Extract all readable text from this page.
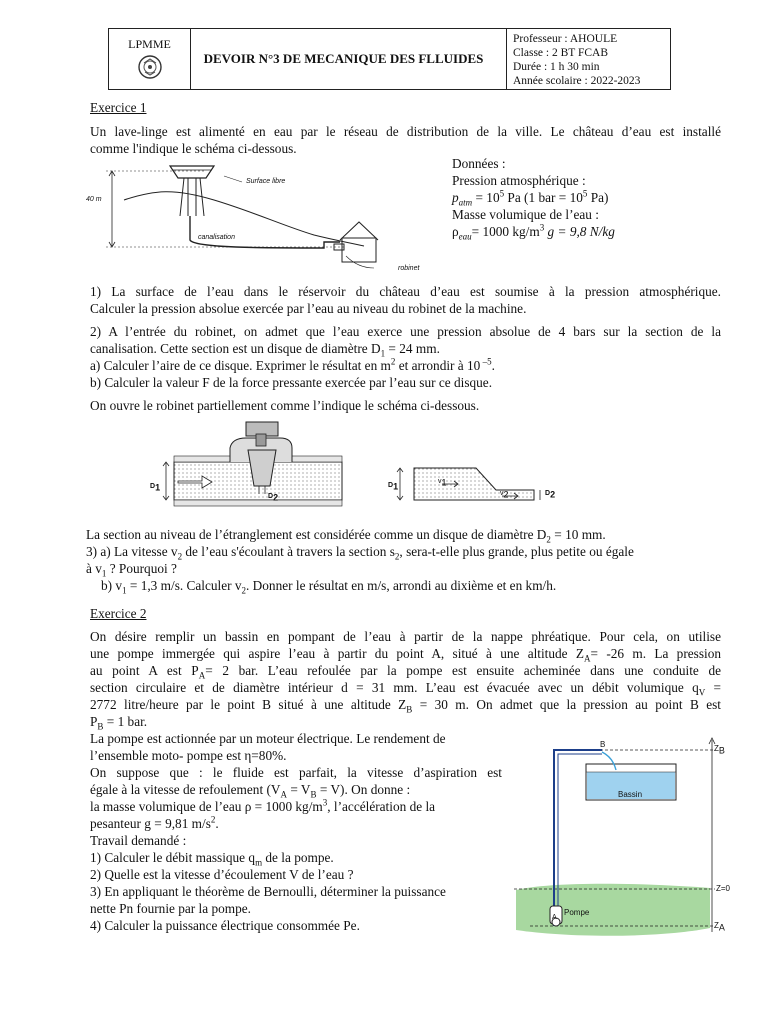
LPMME
DEVOIR N°3 DE MECANIQUE DES FLLUIDES
Professeur : AHOULE
Classe : 2 BT FCAB
Durée : 1 h 30 min
Année scolaire : 2022-2023
Exercice 1
Un lave-linge est alimenté en eau par le réseau de distribution de la ville. Le château d’eau est installé
comme l'indique le schéma ci-dessous.
40 m
Surface libre
canalisation
robinet
Données :
Pression atmosphérique :
$p_{atm} = 10^5$ Pa (1 bar = $10^5$ Pa)
Masse volumique de l’eau :
$\rho_{eau}= 1000$ $kg/m^3$ g = 9,8 N/kg
1) La surface de l’eau dans le réservoir du château d’eau est soumise à la pression atmosphérique.
Calculer la pression absolue exercée par l’eau au niveau du robinet de la machine.
2) A l’entrée du robinet, on admet que l’eau exerce une pression absolue de 4 bars sur la section de la
canalisation. Cette section est un disque de diamètre $D_1 = 24$ mm.
a) Calculer l’aire de ce disque. Exprimer le résultat en $m^2$ et arrondir à 10 $^{-5}$.
b) Calculer la valeur F de la force pressante exercée par l’eau sur ce disque.
On ouvre le robinet partiellement comme l’indique le schéma ci-dessous.
$D_1$
$D_2$
$D_1$	$v_1$
$v_2$	$D_2$
La section au niveau de l’étranglement est considérée comme un disque de diamètre $D_2 = 10$ mm.
3) a) La vitesse $v_2$ de l’eau s'écoulant à travers la section $s_2$, sera-t-elle plus grande, plus petite ou égale
à $v_1$ ? Pourquoi ?
b) $v_1 = 1,3$ m/s. Calculer $v_2$. Donner le résultat en m/s, arrondi au dixième et en km/h.
Exercice 2
On désire remplir un bassin en pompant de l’eau à partir de la nappe phréatique. Pour cela, on utilise
une pompe immergée qui aspire l’eau à partir du point A, situé à une altitude $Z_A= -26$ m. La pression
au point A est $P_A= 2$ bar. L’eau refoulée par la pompe est ensuite acheminée dans une conduite de
section circulaire et de diamètre intérieur d = 31 mm. L’eau est évacuée avec un débit volumique $q_V$ =
2772 litre/heure par le point B situé à une altitude $Z_B = 30$ m. On admet que la pression au point B est
$P_B = 1$ bar.
La pompe est actionnée par un moteur électrique. Le rendement de
l’ensemble moto- pompe est η=80%.
On suppose que : le fluide est parfait, la vitesse d’aspiration est
égale à la vitesse de refoulement $(V_A = V_B = V)$. On donne :
la masse volumique de l’eau ρ = 1000 $kg/m^3$, l’accélération de la
pesanteur g = 9,81 $m/s^2$.
Travail demandé :
1) Calculer le débit massique $q_m$ de la pompe.
2) Quelle est la vitesse d’écoulement V de l’eau ?
3) En appliquant le théorème de Bernoulli, déterminer la puissance
nette Pn fournie par la pompe.
4) Calculer la puissance électrique consommée Pe.
B	$Z_B$
Bassin
Z=0
Pompe
A
$Z_A$
